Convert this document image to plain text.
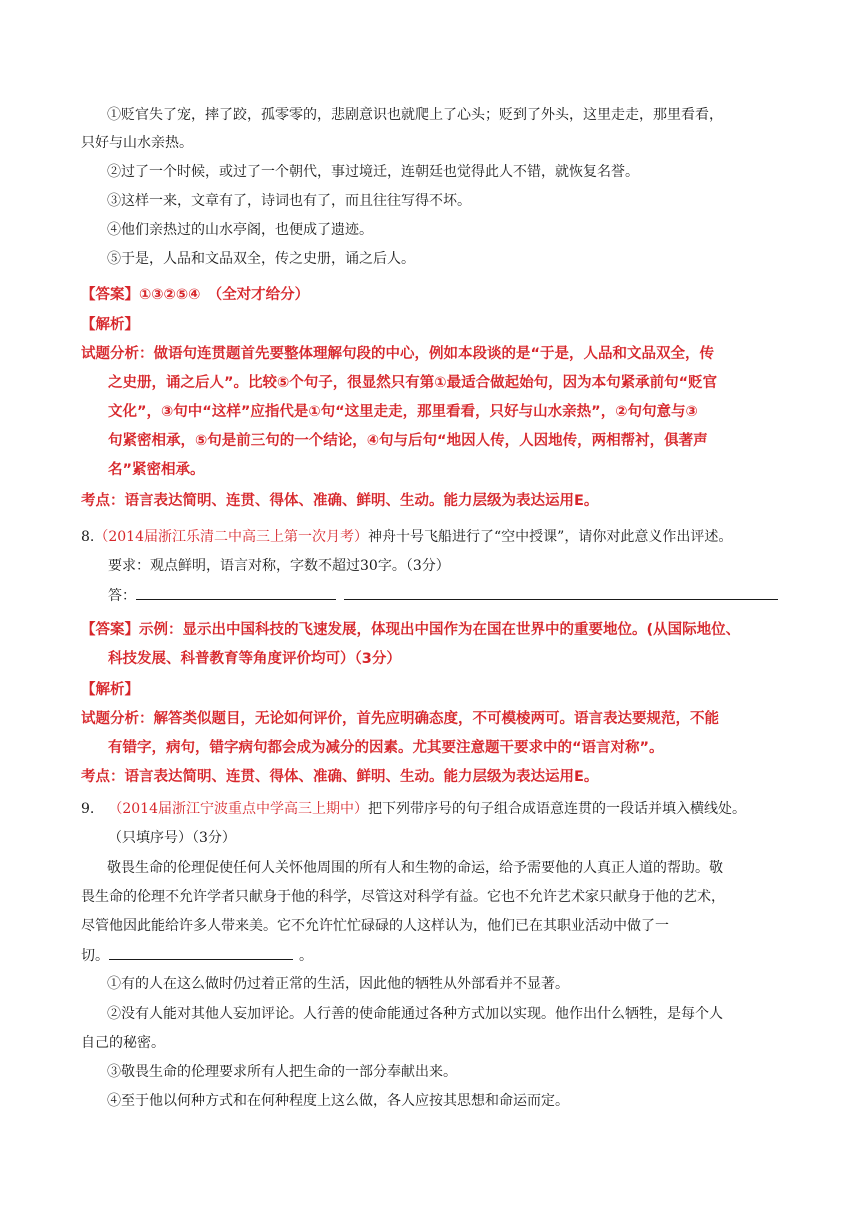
①贬官失了宠，摔了跤，孤零零的，悲剧意识也就爬上了心头；贬到了外头，这里走走，那里看看，
只好与山水亲热。
②过了一个时候，或过了一个朝代，事过境迁，连朝廷也觉得此人不错，就恢复名誉。
③这样一来，文章有了，诗词也有了，而且往往写得不坏。
④他们亲热过的山水亭阁，也便成了遗迹。
⑤于是，人品和文品双全，传之史册，诵之后人。
【答案】①③②⑤④　（全对才给分）
【解析】
试题分析：做语句连贯题首先要整体理解句段的中心，例如本段谈的是“于是，人品和文品双全，传
之史册，诵之后人”。比较⑤个句子，很显然只有第①最适合做起始句，因为本句紧承前句“贬官
文化”，③句中“这样”应指代是①句“这里走走，那里看看，只好与山水亲热”，②句句意与③
句紧密相承，⑤句是前三句的一个结论，④句与后句“地因人传，人因地传，两相帮衬，俱著声
名”紧密相承。
考点：语言表达简明、连贯、得体、准确、鲜明、生动。能力层级为表达运用E。
8.（2014届浙江乐清二中高三上第一次月考）神舟十号飞船进行了“空中授课”，请你对此意义作出评述。
要求：观点鲜明，语言对称，字数不超过30字。（3分）
答：
【答案】示例：显示出中国科技的飞速发展，体现出中国作为在国在世界中的重要地位。(从国际地位、
科技发展、科普教育等角度评价均可）（3分）
【解析】
试题分析：解答类似题目，无论如何评价，首先应明确态度，不可模棱两可。语言表达要规范，不能
有错字，病句，错字病句都会成为减分的因素。尤其要注意题干要求中的“语言对称”。
考点：语言表达简明、连贯、得体、准确、鲜明、生动。能力层级为表达运用E。
9. （2014届浙江宁波重点中学高三上期中）把下列带序号的句子组合成语意连贯的一段话并填入横线处。
（只填序号）（3分）
敬畏生命的伦理促使任何人关怀他周围的所有人和生物的命运，给予需要他的人真正人道的帮助。敬
畏生命的伦理不允许学者只献身于他的科学，尽管这对科学有益。它也不允许艺术家只献身于他的艺术，
尽管他因此能给许多人带来美。它不允许忙忙碌碌的人这样认为，他们已在其职业活动中做了一
切。	。
①有的人在这么做时仍过着正常的生活，因此他的牺牲从外部看并不显著。
②没有人能对其他人妄加评论。人行善的使命能通过各种方式加以实现。他作出什么牺牲，是每个人
自己的秘密。
③敬畏生命的伦理要求所有人把生命的一部分奉献出来。
④至于他以何种方式和在何种程度上这么做，各人应按其思想和命运而定。
